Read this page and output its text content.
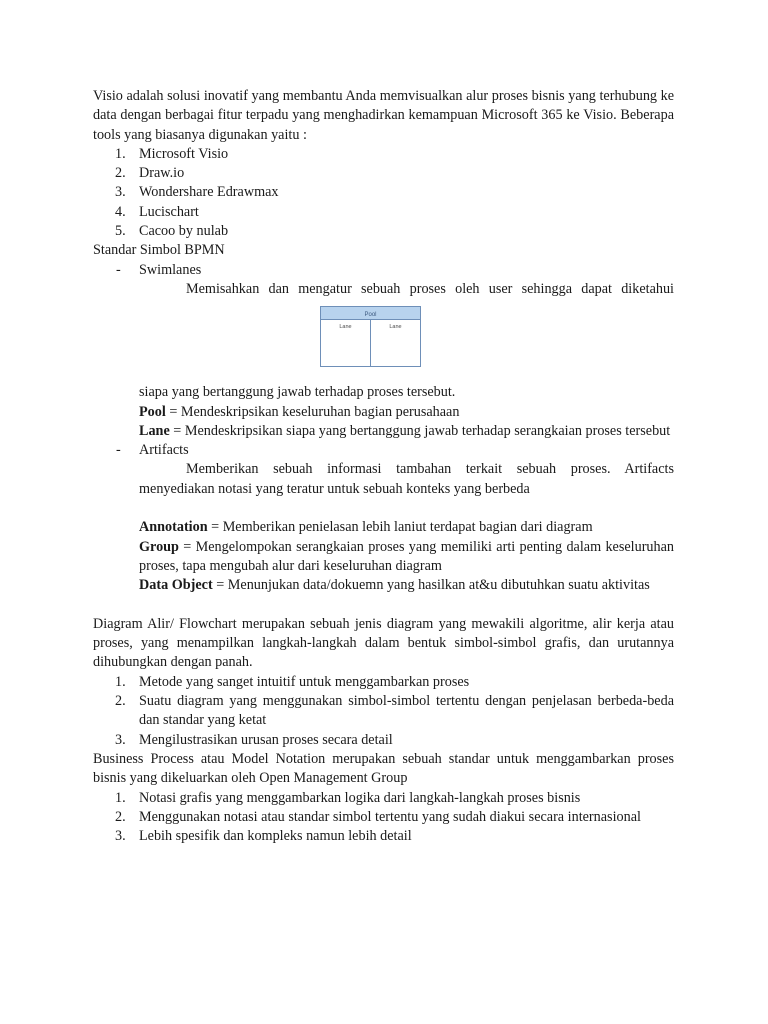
Visio adalah solusi inovatif yang membantu Anda memvisualkan alur proses bisnis yang terhubung ke data dengan berbagai fitur terpadu yang menghadirkan kemampuan Microsoft 365 ke Visio. Beberapa tools yang biasanya digunakan yaitu :

1. Microsoft Visio
2. Draw.io
3. Wondershare Edrawmax
4. Lucischart
5. Cacoo by nulab

Standar Simbol BPMN

- Swimlanes
Memisahkan dan mengatur sebuah proses oleh user sehingga dapat diketahui
Pool
Lane	Lane
siapa yang bertanggung jawab terhadap proses tersebut.
Pool = Mendeskripsikan keseluruhan bagian perusahaan
Lane = Mendeskripsikan siapa yang bertanggung jawab terhadap serangkaian proses tersebut
- Artifacts
Memberikan sebuah informasi tambahan terkait sebuah proses. Artifacts menyediakan notasi yang teratur untuk sebuah konteks yang berbeda
Annotation = Memberikan penielasan lebih laniut terdapat bagian dari diagram
Group = Mengelompokan serangkaian proses yang memiliki arti penting dalam keseluruhan proses, tapa mengubah alur dari keseluruhan diagram
Data Object = Menunjukan data/dokuemn yang hasilkan at&u dibutuhkan suatu aktivitas

Diagram Alir/ Flowchart merupakan sebuah jenis diagram yang mewakili algoritme, alir kerja atau proses, yang menampilkan langkah-langkah dalam bentuk simbol-simbol grafis, dan urutannya dihubungkan dengan panah.

1. Metode yang sanget intuitif untuk menggambarkan proses
2. Suatu diagram yang menggunakan simbol-simbol tertentu dengan penjelasan berbeda-beda dan standar yang ketat
3. Mengilustrasikan urusan proses secara detail

Business Process atau Model Notation merupakan sebuah standar untuk menggambarkan proses bisnis yang dikeluarkan oleh Open Management Group

1. Notasi grafis yang menggambarkan logika dari langkah-langkah proses bisnis
2. Menggunakan notasi atau standar simbol tertentu yang sudah diakui secara internasional
3. Lebih spesifik dan kompleks namun lebih detail
